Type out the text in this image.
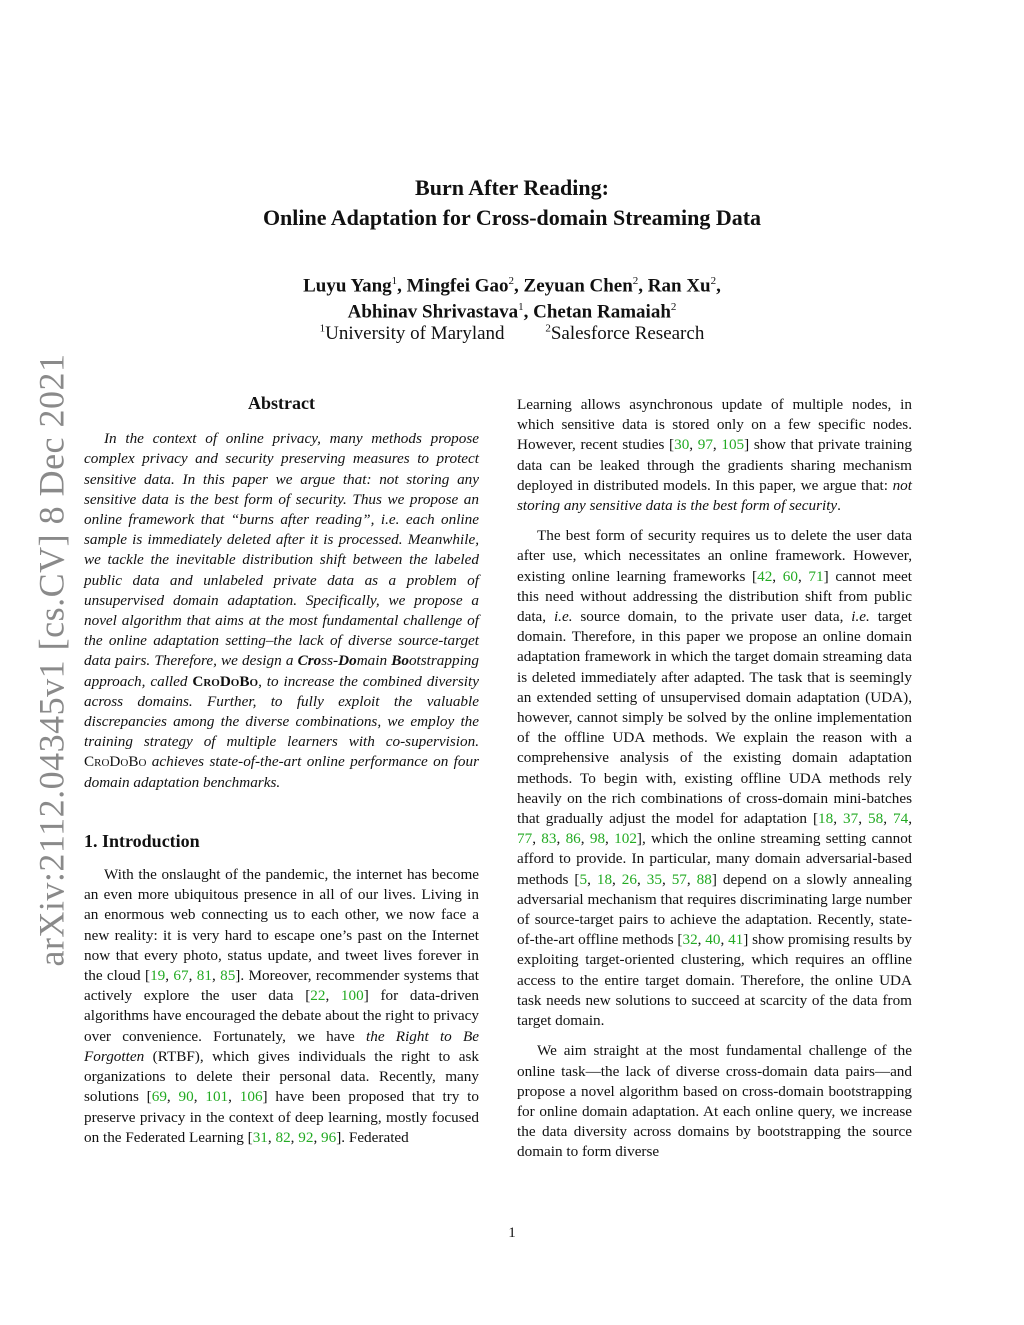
arXiv:2112.04345v1 [cs.CV] 8 Dec 2021
Burn After Reading:
Online Adaptation for Cross-domain Streaming Data
Luyu Yang$^1$, Mingfei Gao$^2$, Zeyuan Chen$^2$, Ran Xu$^2$,
Abhinav Shrivastava$^1$, Chetan Ramaiah$^2$
$^1$University of Maryland	$^2$Salesforce Research
Abstract

In the context of online privacy, many methods propose complex privacy and security preserving measures to protect sensitive data. In this paper we argue that: not storing any sensitive data is the best form of security. Thus we propose an online framework that “burns after reading”, i.e. each online sample is immediately deleted after it is processed. Meanwhile, we tackle the inevitable distribution shift between the labeled public data and unlabeled private data as a problem of unsupervised domain adaptation. Specifically, we propose a novel algorithm that aims at the most fundamental challenge of the online adaptation setting–the lack of diverse source-target data pairs. Therefore, we design a Cross-Domain Bootstrapping approach, called CroDoBo, to increase the combined diversity across domains. Further, to fully exploit the valuable discrepancies among the diverse combinations, we employ the training strategy of multiple learners with co-supervision. CroDoBo achieves state-of-the-art online performance on four domain adaptation benchmarks.

1. Introduction

With the onslaught of the pandemic, the internet has become an even more ubiquitous presence in all of our lives. Living in an enormous web connecting us to each other, we now face a new reality: it is very hard to escape one’s past on the Internet now that every photo, status update, and tweet lives forever in the cloud [19, 67, 81, 85]. Moreover, recommender systems that actively explore the user data [22, 100] for data-driven algorithms have encouraged the debate about the right to privacy over convenience. Fortunately, we have the Right to Be Forgotten (RTBF), which gives individuals the right to ask organizations to delete their personal data. Recently, many solutions [69, 90, 101, 106] have been proposed that try to preserve privacy in the context of deep learning, mostly focused on the Federated Learning [31, 82, 92, 96]. Federated

Learning allows asynchronous update of multiple nodes, in which sensitive data is stored only on a few specific nodes. However, recent studies [30, 97, 105] show that private training data can be leaked through the gradients sharing mechanism deployed in distributed models. In this paper, we argue that: not storing any sensitive data is the best form of security.

The best form of security requires us to delete the user data after use, which necessitates an online framework. However, existing online learning frameworks [42, 60, 71] cannot meet this need without addressing the distribution shift from public data, i.e. source domain, to the private user data, i.e. target domain. Therefore, in this paper we propose an online domain adaptation framework in which the target domain streaming data is deleted immediately after adapted. The task that is seemingly an extended setting of unsupervised domain adaptation (UDA), however, cannot simply be solved by the online implementation of the offline UDA methods. We explain the reason with a comprehensive analysis of the existing domain adaptation methods. To begin with, existing offline UDA methods rely heavily on the rich combinations of cross-domain mini-batches that gradually adjust the model for adaptation [18, 37, 58, 74, 77, 83, 86, 98, 102], which the online streaming setting cannot afford to provide. In particular, many domain adversarial-based methods [5, 18, 26, 35, 57, 88] depend on a slowly annealing adversarial mechanism that requires discriminating large number of source-target pairs to achieve the adaptation. Recently, state-of-the-art offline methods [32, 40, 41] show promising results by exploiting target-oriented clustering, which requires an offline access to the entire target domain. Therefore, the online UDA task needs new solutions to succeed at scarcity of the data from target domain.

We aim straight at the most fundamental challenge of the online task—the lack of diverse cross-domain data pairs—and propose a novel algorithm based on cross-domain bootstrapping for online domain adaptation. At each online query, we increase the data diversity across domains by bootstrapping the source domain to form diverse

1
